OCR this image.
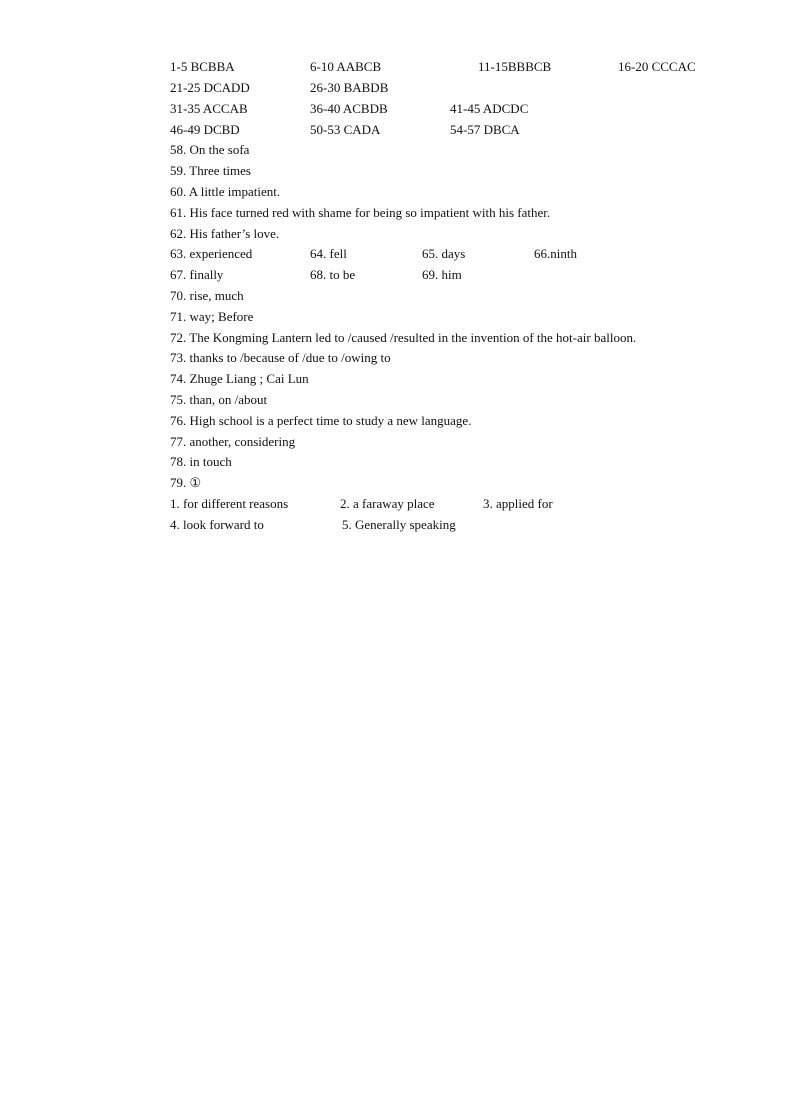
1-5 BCBBA	6-10 AABCB	11-15BBBCB	16-20 CCCAC
21-25 DCADD	26-30 BABDB
31-35 ACCAB	36-40 ACBDB	41-45 ADCDC
46-49 DCBD	50-53 CADA	54-57 DBCA
58. On the sofa
59. Three times
60. A little impatient.
61. His face turned red with shame for being so impatient with his father.
62. His father’s love.
63. experienced	64. fell	65. days	66.ninth
67. finally	68. to be	69. him
70. rise, much
71. way; Before
72. The Kongming Lantern led to /caused /resulted in the invention of the hot-air balloon.
73. thanks to /because of /due to /owing to
74. Zhuge Liang ; Cai Lun
75. than, on /about
76. High school is a perfect time to study a new language.
77. another, considering
78. in touch
79. ①
1. for different reasons	2. a faraway place	3. applied for
4. look forward to	5. Generally speaking
